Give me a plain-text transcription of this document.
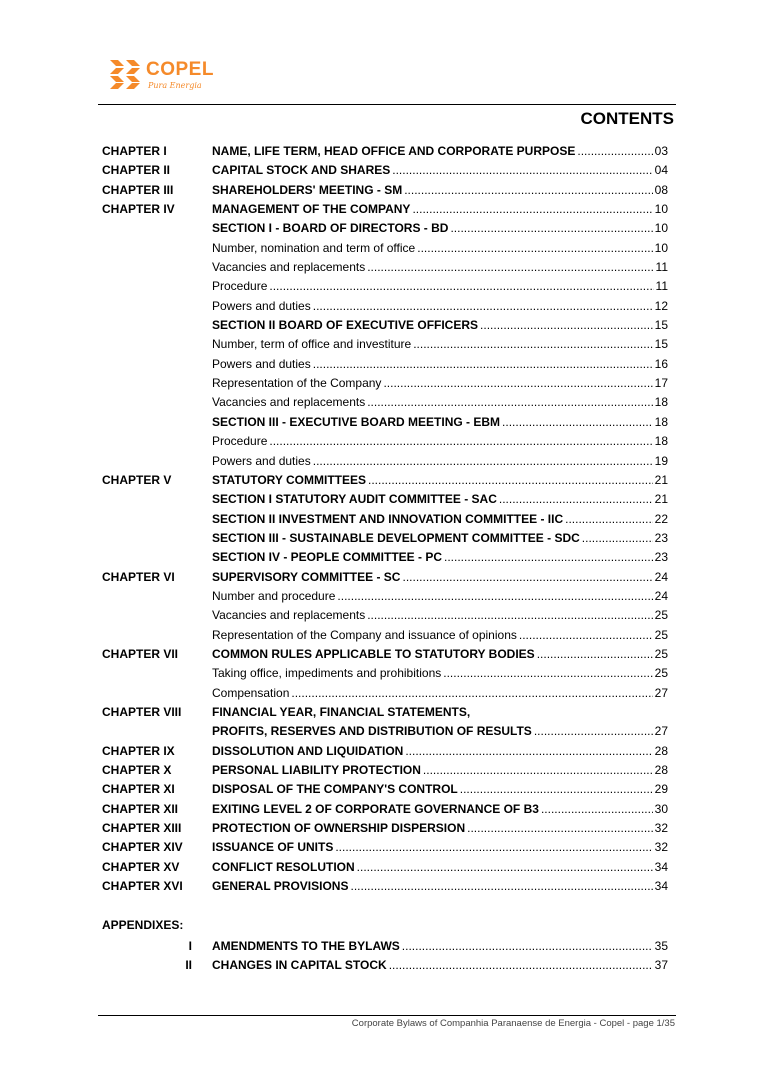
COPEL
Pura Energia
CONTENTS
CHAPTER I	NAME, LIFE TERM, HEAD OFFICE AND CORPORATE PURPOSE .....	03
CHAPTER II	CAPITAL STOCK AND SHARES .....	04
CHAPTER III	SHAREHOLDERS' MEETING - SM .....	08
CHAPTER IV	MANAGEMENT OF THE COMPANY .....	10
SECTION I - BOARD OF DIRECTORS - BD .....	10
Number, nomination and term of office .....	10
Vacancies and replacements .....	11
Procedure .....	11
Powers and duties .....	12
SECTION II BOARD OF EXECUTIVE OFFICERS .....	15
Number, term of office and investiture .....	15
Powers and duties .....	16
Representation of the Company .....	17
Vacancies and replacements .....	18
SECTION III - EXECUTIVE BOARD MEETING - EBM .....	18
Procedure .....	18
Powers and duties .....	19
CHAPTER V	STATUTORY COMMITTEES .....	21
SECTION I STATUTORY AUDIT COMMITTEE - SAC .....	21
SECTION II INVESTMENT AND INNOVATION COMMITTEE - IIC .....	22
SECTION III - SUSTAINABLE DEVELOPMENT COMMITTEE - SDC .....	23
SECTION IV - PEOPLE COMMITTEE - PC .....	23
CHAPTER VI	SUPERVISORY COMMITTEE - SC .....	24
Number and procedure .....	24
Vacancies and replacements .....	25
Representation of the Company and issuance of opinions .....	25
CHAPTER VII	COMMON RULES APPLICABLE TO STATUTORY BODIES .....	25
Taking office, impediments and prohibitions .....	25
Compensation .....	27
CHAPTER VIII	FINANCIAL YEAR, FINANCIAL STATEMENTS,
PROFITS, RESERVES AND DISTRIBUTION OF RESULTS .....	27
CHAPTER IX	DISSOLUTION AND LIQUIDATION .....	28
CHAPTER X	PERSONAL LIABILITY PROTECTION .....	28
CHAPTER XI	DISPOSAL OF THE COMPANY'S CONTROL .....	29
CHAPTER XII	EXITING LEVEL 2 OF CORPORATE GOVERNANCE OF B3 .....	30
CHAPTER XIII	PROTECTION OF OWNERSHIP DISPERSION .....	32
CHAPTER XIV ISSUANCE OF UNITS .....	32
CHAPTER XV	CONFLICT RESOLUTION .....	34
CHAPTER XVI GENERAL PROVISIONS .....	34
APPENDIXES:
I AMENDMENTS TO THE BYLAWS .....	35
II CHANGES IN CAPITAL STOCK .....	37
Corporate Bylaws of Companhia Paranaense de Energia - Copel - page 1/35
